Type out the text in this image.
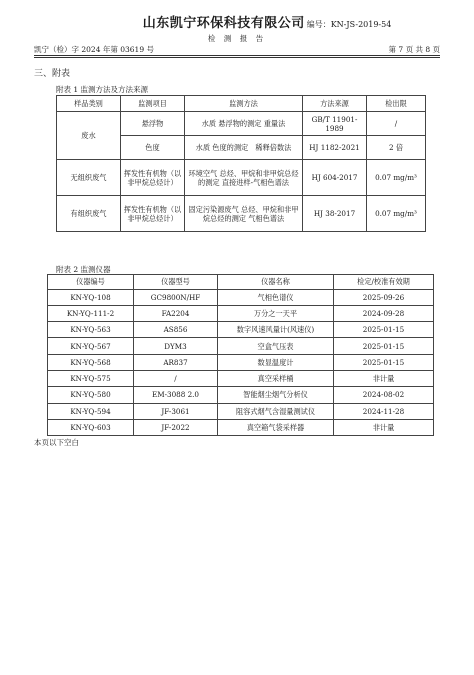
山东凯宁环保科技有限公司 编号：KN-JS-2019-54
检 测 报 告
凯宁（检）字 2024 年第 03619 号	第 7 页 共 8 页
三、附表
附表 1 监测方法及方法来源
样品类别	监测项目	监测方法	方法来源	检出限
废水	悬浮物	水质 悬浮物的测定 重量法	GB/T 11901-1989	/
	色度	水质 色度的测定　稀释倍数法	HJ 1182-2021	2 倍
无组织废气	挥发性有机物（以非甲烷总烃计）	环境空气 总烃、甲烷和非甲烷总烃的测定 直接进样-气相色谱法	HJ 604-2017	0.07 mg/m³
有组织废气	挥发性有机物（以非甲烷总烃计）	固定污染源废气 总烃、甲烷和非甲烷总烃的测定 气相色谱法	HJ 38-2017	0.07 mg/m³
附表 2 监测仪器
仪器编号	仪器型号	仪器名称	检定/校准有效期
KN-YQ-108	GC9800N/HF	气相色谱仪	2025-09-26
KN-YQ-111-2	FA2204	万分之一天平	2024-09-28
KN-YQ-563	AS856	数字风速风量计(风速仪)	2025-01-15
KN-YQ-567	DYM3	空盒气压表	2025-01-15
KN-YQ-568	AR837	数显温度计	2025-01-15
KN-YQ-575	/	真空采样桶	非计量
KN-YQ-580	EM-3088 2.0	智能烟尘烟气分析仪	2024-08-02
KN-YQ-594	JF-3061	阻容式烟气含湿量测试仪	2024-11-28
KN-YQ-603	JF-2022	真空箱气袋采样器	非计量
本页以下空白
